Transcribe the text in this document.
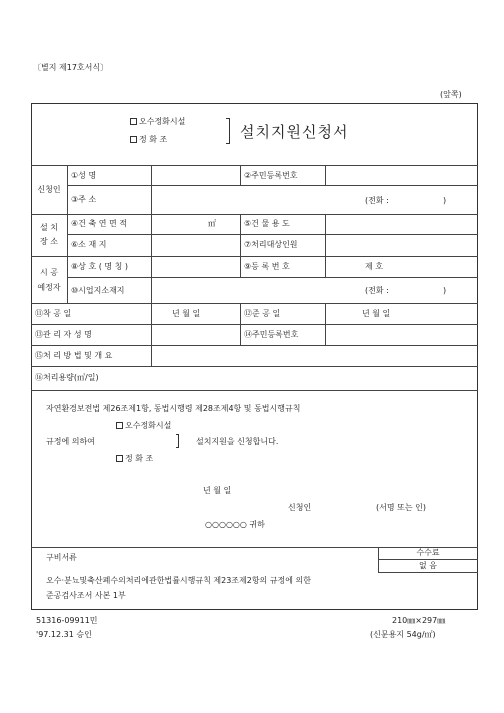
〔별지 제17호서식〕
(앞쪽)
오수정화시설
정 화 조	설치지원신청서
신청인
①성 명	②주민등록번호
③주 소	(전화 :	)
설 치
장 소
④건 축 연 면 적	㎡	⑤건 물 용 도
⑥소 재 지	⑦처리대상인원
시 공
예정자
⑧상 호 ( 명 칭 )	⑨등 록 번 호	제 호
⑩시업지소재지	(전화 :	)
⑪착 공 일	년 월 일	⑫준 공 일	년 월 일
⑬관 리 자 성 명	⑭주민등록번호
⑮처 리 방 법 및 개 요
⑯처리용량(㎥/일)
자연환경보전법 제26조제1항, 동법시행령 제28조제4항 및 동법시행규칙
오수정화시설
규정에 의하여	설치지원을 신청합니다.
정 화 조
년 월 일
신청인	(서명 또는 인)
○○○○○○ 귀하
구비서류
수수료
없 음
오수·분뇨및축산폐수의처리에관한법률시행규칙 제23조제2항의 규정에 의한
준공검사조서 사본 1부
51316-09911민
'97.12.31 승인
210㎜×297㎜
(신문용지 54g/㎡)
